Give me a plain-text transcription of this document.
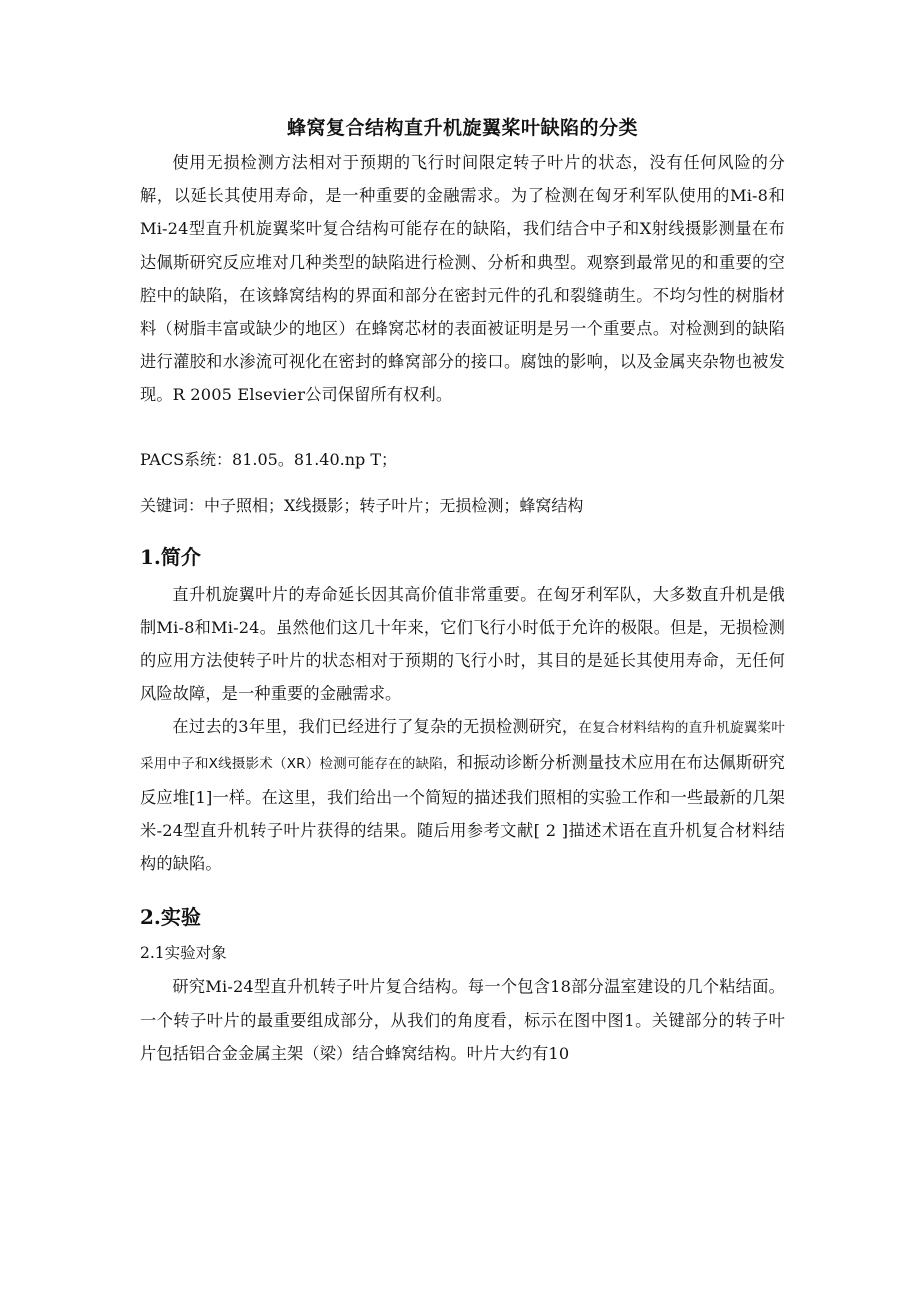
蜂窝复合结构直升机旋翼桨叶缺陷的分类

使用无损检测方法相对于预期的飞行时间限定转子叶片的状态，没有任何风险的分解，以延长其使用寿命，是一种重要的金融需求。为了检测在匈牙利军队使用的Mi-8和Mi-24型直升机旋翼桨叶复合结构可能存在的缺陷，我们结合中子和X射线摄影测量在布达佩斯研究反应堆对几种类型的缺陷进行检测、分析和典型。观察到最常见的和重要的空腔中的缺陷，在该蜂窝结构的界面和部分在密封元件的孔和裂缝萌生。不均匀性的树脂材料（树脂丰富或缺少的地区）在蜂窝芯材的表面被证明是另一个重要点。对检测到的缺陷进行灌胶和水渗流可视化在密封的蜂窝部分的接口。腐蚀的影响，以及金属夹杂物也被发现。R 2005 Elsevier公司保留所有权利。

PACS系统：81.05。81.40.np T；

关键词：中子照相；X线摄影；转子叶片；无损检测；蜂窝结构

1.简介

直升机旋翼叶片的寿命延长因其高价值非常重要。在匈牙利军队，大多数直升机是俄制Mi-8和Mi-24。虽然他们这几十年来，它们飞行小时低于允许的极限。但是，无损检测的应用方法使转子叶片的状态相对于预期的飞行小时，其目的是延长其使用寿命，无任何风险故障，是一种重要的金融需求。

在过去的3年里，我们已经进行了复杂的无损检测研究，在复合材料结构的直升机旋翼桨叶采用中子和X线摄影术（XR）检测可能存在的缺陷，和振动诊断分析测量技术应用在布达佩斯研究反应堆[1]一样。在这里，我们给出一个简短的描述我们照相的实验工作和一些最新的几架米-24型直升机转子叶片获得的结果。随后用参考文献[ 2 ]描述术语在直升机复合材料结构的缺陷。

2.实验
2.1实验对象

研究Mi-24型直升机转子叶片复合结构。每一个包含18部分温室建设的几个粘结面。一个转子叶片的最重要组成部分，从我们的角度看，标示在图中图1。关键部分的转子叶片包括铝合金金属主架（梁）结合蜂窝结构。叶片大约有10
